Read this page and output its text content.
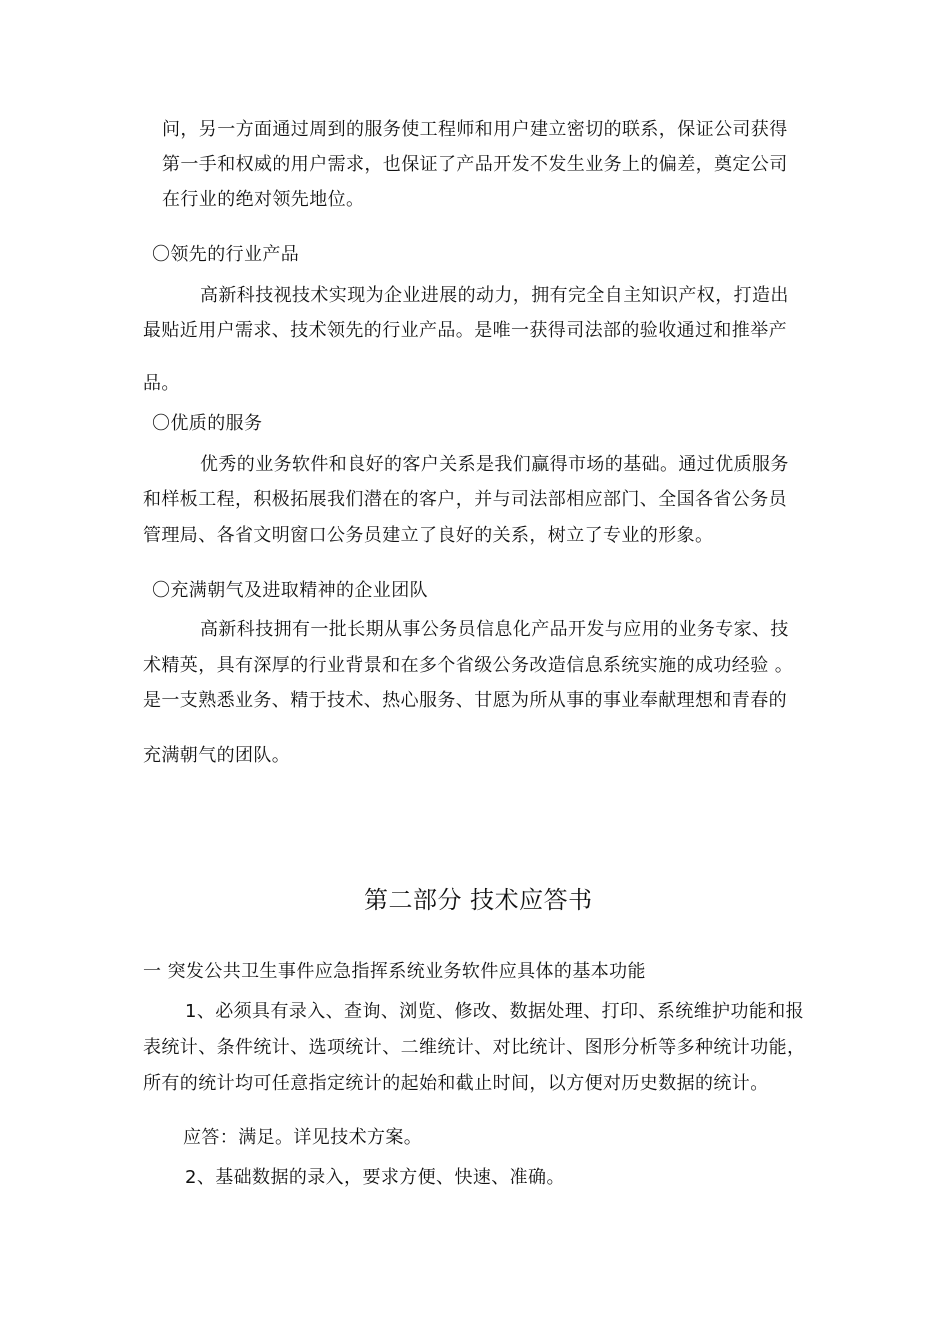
问，另一方面通过周到的服务使工程师和用户建立密切的联系，保证公司获得
第一手和权威的用户需求，也保证了产品开发不发生业务上的偏差，奠定公司
在行业的绝对领先地位。
〇领先的行业产品
高新科技视技术实现为企业进展的动力，拥有完全自主知识产权，打造出
最贴近用户需求、技术领先的行业产品。是唯一获得司法部的验收通过和推举产
品。
〇优质的服务
优秀的业务软件和良好的客户关系是我们赢得市场的基础。通过优质服务
和样板工程，积极拓展我们潜在的客户，并与司法部相应部门、全国各省公务员
管理局、各省文明窗口公务员建立了良好的关系，树立了专业的形象。
〇充满朝气及进取精神的企业团队
高新科技拥有一批长期从事公务员信息化产品开发与应用的业务专家、技
术精英，具有深厚的行业背景和在多个省级公务改造信息系统实施的成功经验 。
是一支熟悉业务、精于技术、热心服务、甘愿为所从事的事业奉献理想和青春的
充满朝气的团队。
第二部分 技术应答书
一 突发公共卫生事件应急指挥系统业务软件应具体的基本功能
1、必须具有录入、查询、浏览、修改、数据处理、打印、系统维护功能和报
表统计、条件统计、选项统计、二维统计、对比统计、图形分析等多种统计功能，
所有的统计均可任意指定统计的起始和截止时间，以方便对历史数据的统计。
应答：满足。详见技术方案。
2、基础数据的录入，要求方便、快速、准确。
